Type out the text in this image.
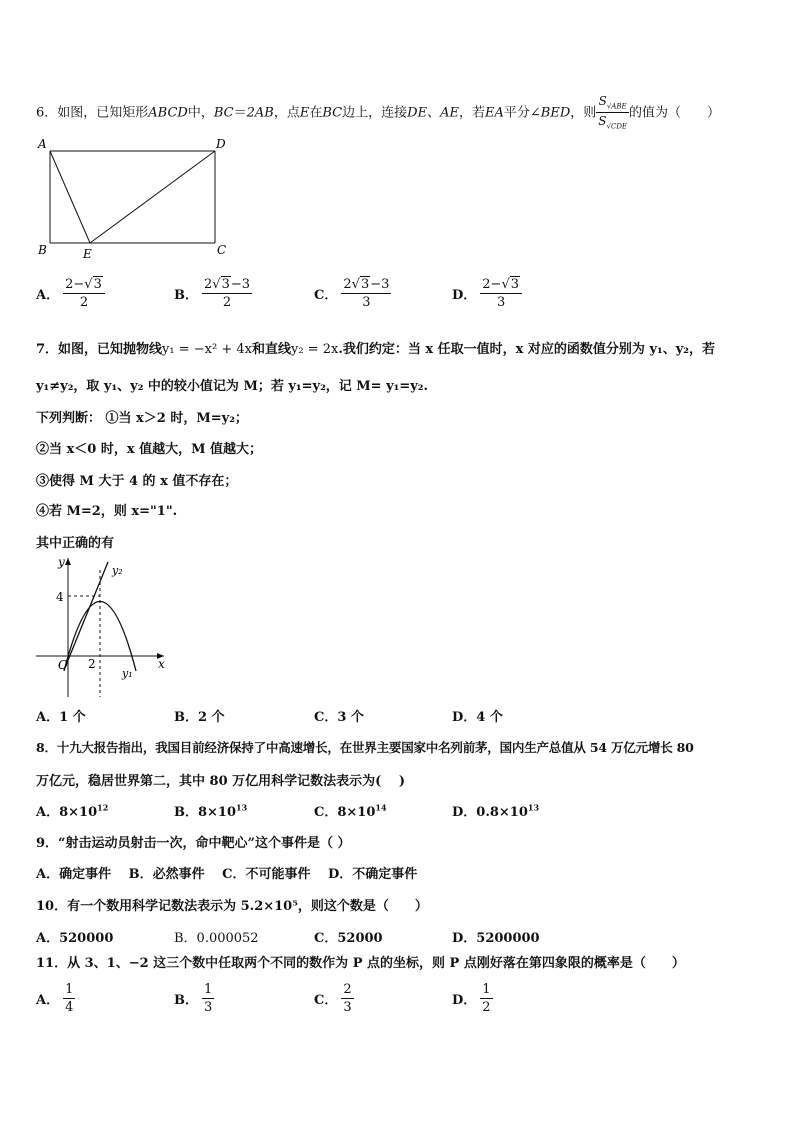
6．如图，已知矩形ABCD中，BC＝2AB，点E在BC边上，连接DE、AE，若EA平分∠BED，则 $\frac{S_{√ABE}}{S_{√CDE}}$ 的值为（　　）
A	D
B	E	C
A． $\frac{2-√3}{2}$	B． $\frac{2√3-3}{2}$	C． $\frac{2√3-3}{3}$	D． $\frac{2-√3}{3}$
7．如图，已知抛物线y₁ = −x² + 4x和直线y₂ = 2x.我们约定：当 x 任取一值时，x 对应的函数值分别为 y₁、y₂，若
y₁≠y₂，取 y₁、y₂ 中的较小值记为 M；若 y₁=y₂，记 M= y₁=y₂.
下列判断： ①当 x＞2 时，M=y₂；
②当 x＜0 时，x 值越大，M 值越大；
③使得 M 大于 4 的 x 值不存在；
④若 M=2，则 x="1".
其中正确的有
y
y₂
4
O 2	x
y₁
A．1 个	B．2 个	C．3 个	D．4 个
8．十九大报告指出，我国目前经济保持了中高速增长，在世界主要国家中名列前茅，国内生产总值从 54 万亿元增长 80
万亿元，稳居世界第二，其中 80 万亿用科学记数法表示为(　 )
A．$8\times 10^{12}$	B．$8\times 10^{13}$	C．$8\times 10^{14}$	D．$0.8\times 10^{13}$
9．“射击运动员射击一次，命中靶心”这个事件是（ ）
A．确定事件　 B．必然事件　 C．不可能事件　 D．不确定事件
10．有一个数用科学记数法表示为 5.2×10⁵，则这个数是（　　）
A．520000	B．0.000052	C．52000	D．5200000
11．从 3、1、−2 这三个数中任取两个不同的数作为 P 点的坐标，则 P 点刚好落在第四象限的概率是（　　）
A． $\frac{1}{4}$	B． $\frac{1}{3}$	C． $\frac{2}{3}$	D． $\frac{1}{2}$
